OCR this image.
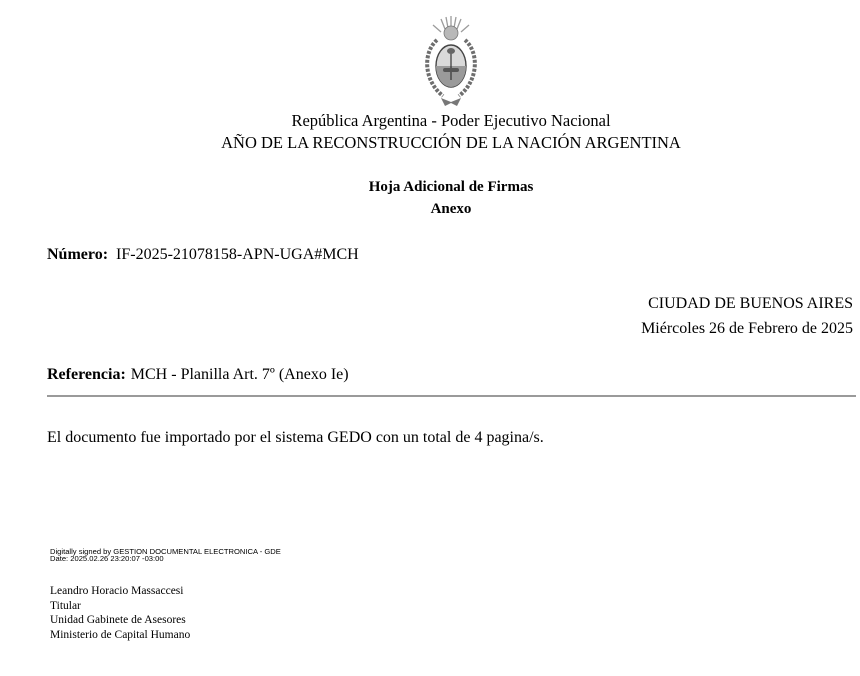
República Argentina - Poder Ejecutivo Nacional
AÑO DE LA RECONSTRUCCIÓN DE LA NACIÓN ARGENTINA
Hoja Adicional de Firmas
Anexo
Número: IF-2025-21078158-APN-UGA#MCH
CIUDAD DE BUENOS AIRES
Miércoles 26 de Febrero de 2025
Referencia: MCH - Planilla Art. 7º (Anexo Ie)
El documento fue importado por el sistema GEDO con un total de 4 pagina/s.
Digitally signed by GESTION DOCUMENTAL ELECTRONICA - GDE
Date: 2025.02.26 23:20:07 -03:00
Leandro Horacio Massaccesi
Titular
Unidad Gabinete de Asesores
Ministerio de Capital Humano
